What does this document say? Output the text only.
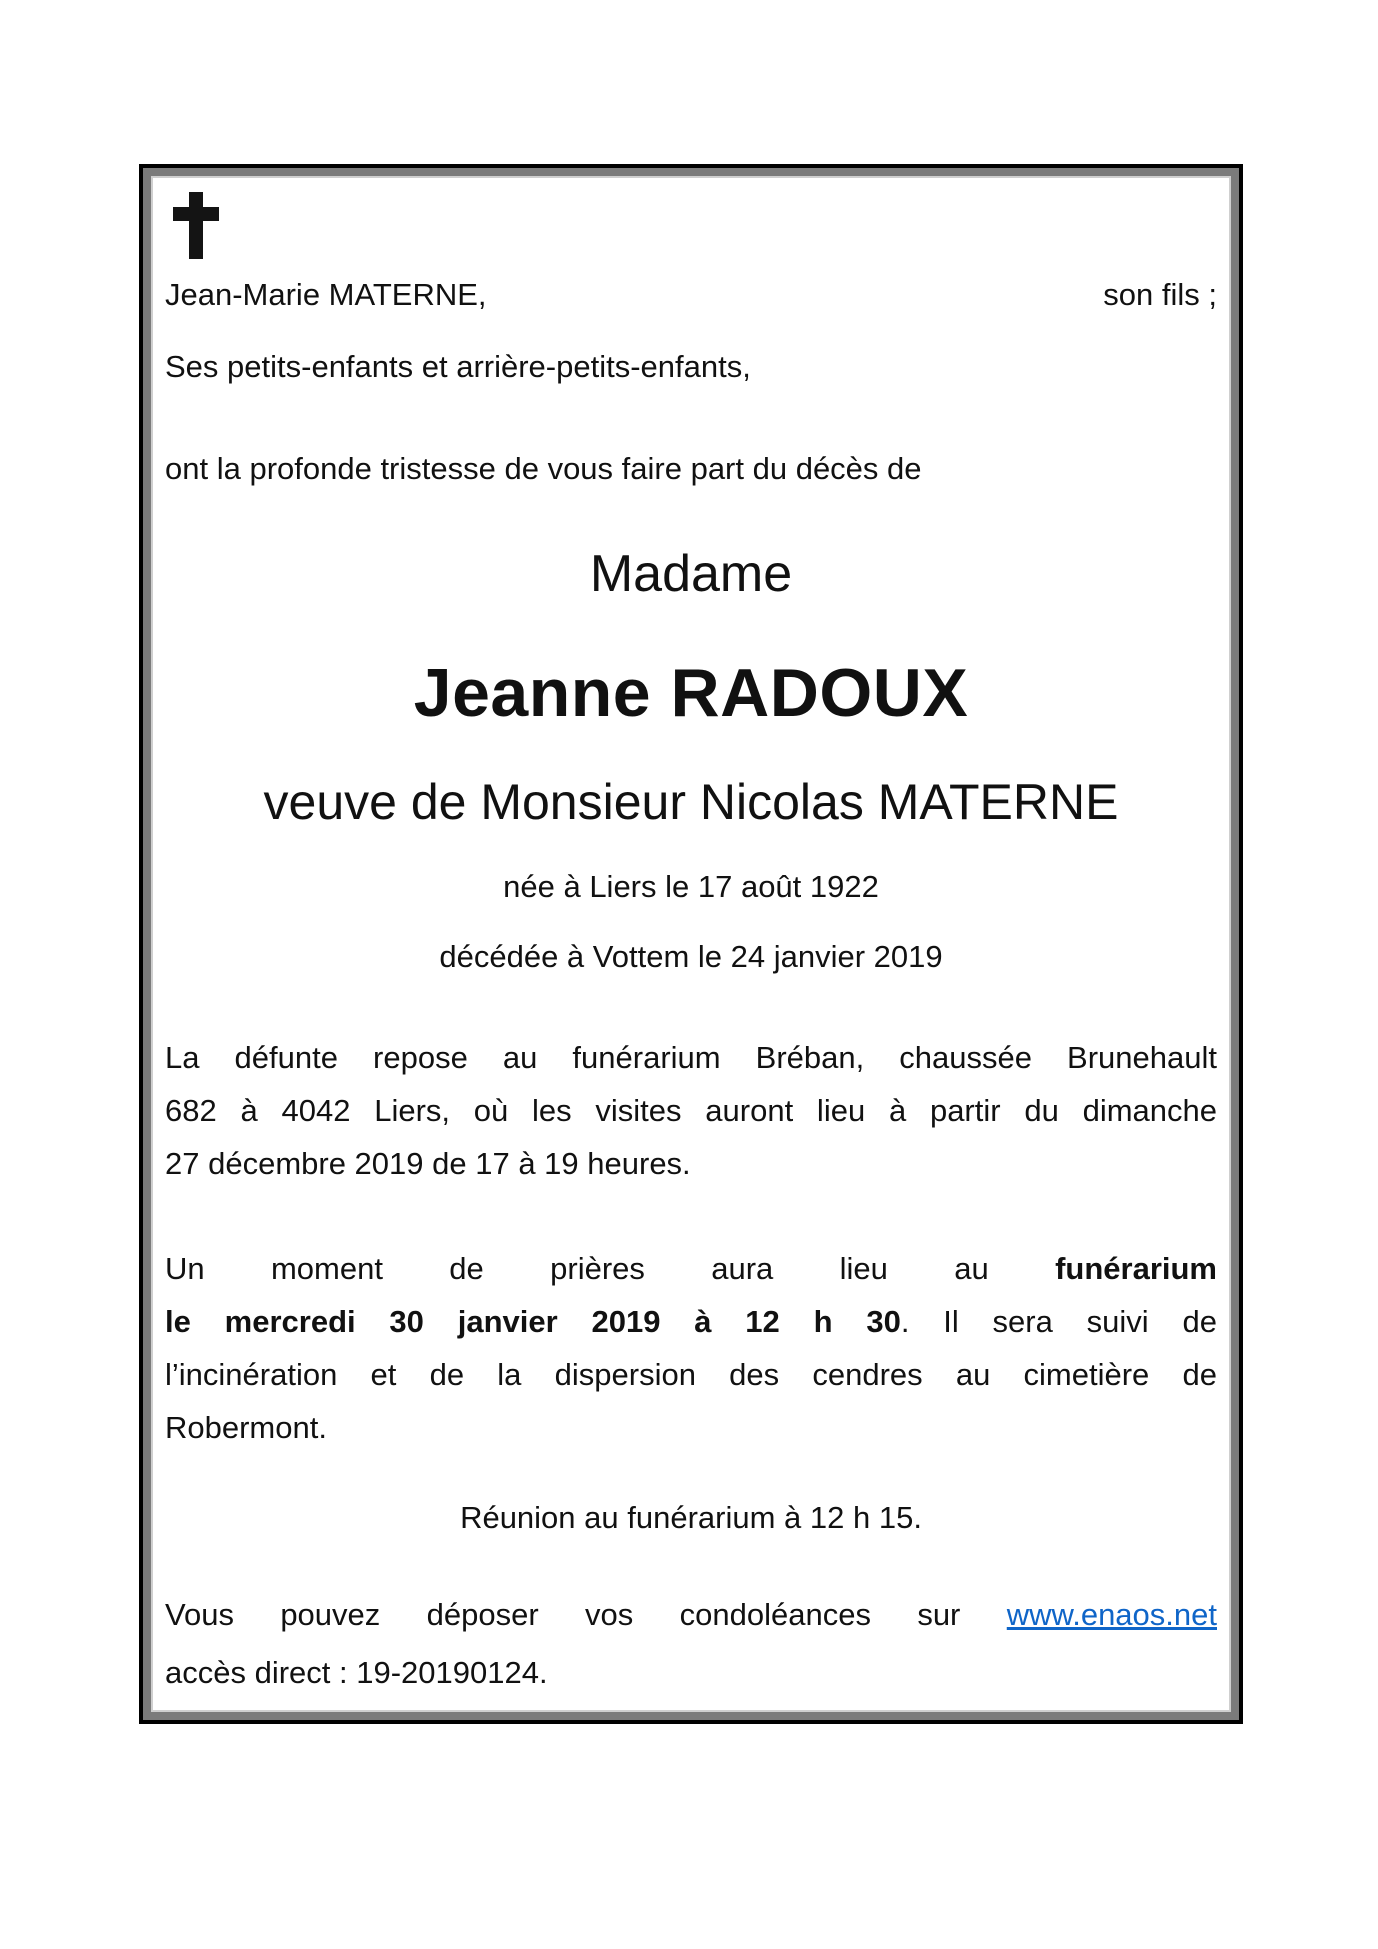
Jean-Marie MATERNE,	son fils ;
Ses petits-enfants et arrière-petits-enfants,
ont la profonde tristesse de vous faire part du décès de
Madame
Jeanne RADOUX
veuve de Monsieur Nicolas MATERNE
née à Liers le 17 août 1922
décédée à Vottem le 24 janvier 2019
La défunte repose au funérarium Bréban, chaussée Brunehault
682 à 4042 Liers, où les visites auront lieu à partir du dimanche
27 décembre 2019 de 17 à 19 heures.
Un moment de prières aura lieu au funérarium
le mercredi 30 janvier 2019 à 12 h 30. Il sera suivi de
l’incinération et de la dispersion des cendres au cimetière de
Robermont.
Réunion au funérarium à 12 h 15.
Vous pouvez déposer vos condoléances sur www.enaos.net
accès direct : 19-20190124.
